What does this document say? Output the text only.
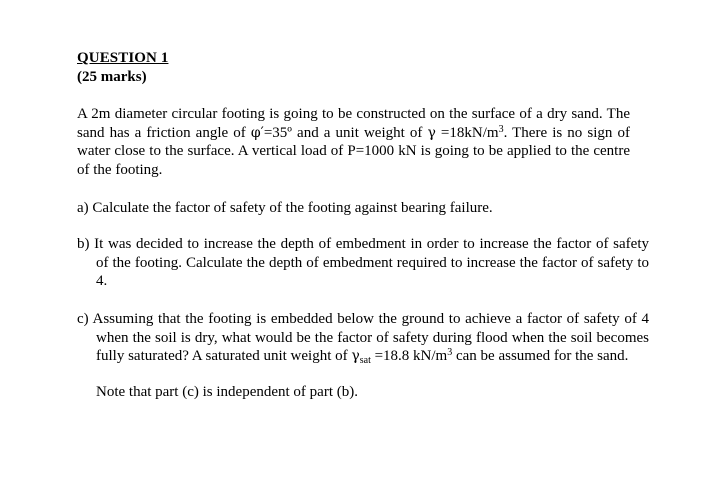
QUESTION 1
(25 marks)

A 2m diameter circular footing is going to be constructed on the surface of a dry sand. The sand has a friction angle of φ′=35º and a unit weight of $\gamma =18kN/m^3$. There is no sign of water close to the surface. A vertical load of P=1000 kN is going to be applied to the centre of the footing.

a) Calculate the factor of safety of the footing against bearing failure.

b) It was decided to increase the depth of embedment in order to increase the factor of safety of the footing. Calculate the depth of embedment required to increase the factor of safety to 4.

c) Assuming that the footing is embedded below the ground to achieve a factor of safety of 4 when the soil is dry, what would be the factor of safety during flood when the soil becomes fully saturated? A saturated unit weight of $\gamma_{sat} =18.8$ $kN/m^3$ can be assumed for the sand.

Note that part (c) is independent of part (b).
